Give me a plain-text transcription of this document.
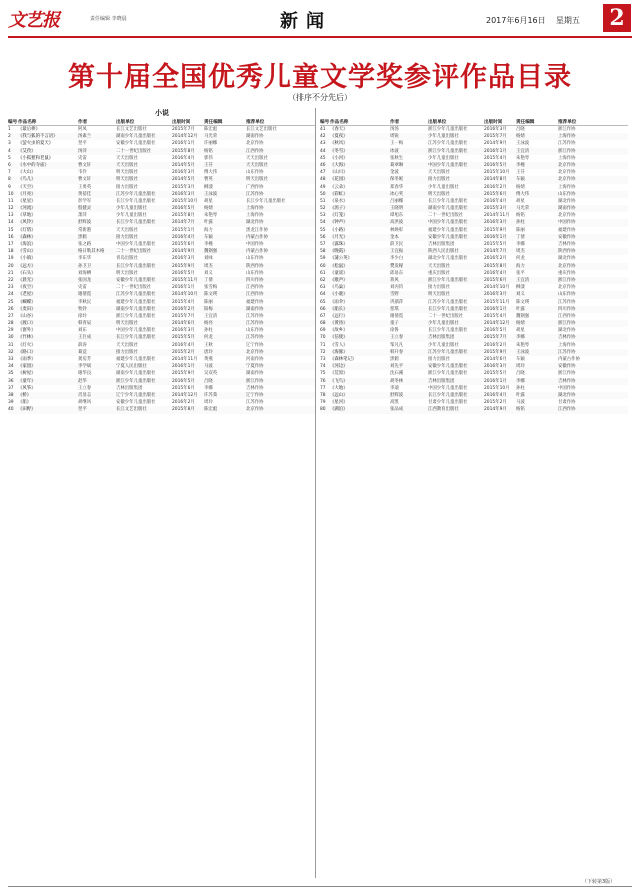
文艺报	责任编辑 李晓晨	新闻	2017年6月16日 星期五 2
第十届全国优秀儿童文学奖参评作品目录
（排序不分先后）
小说
编号 作品名称	作者	出版单位	出版时间	责任编辑	推荐单位
1	《最后棒》	阿凤	长江文艺出版社	2015年7月	陈宏彪	长江文艺出版社
2	《我与狐的不言语》	汤素兰	湖南少年儿童出版社	2014年12月	马光荣	湖南作协
3	《萤火虫的夏天》	翌平	安徽少年儿童出版社	2016年1月	许丽娜	北京作协
4	《艾孜》	汤萍	二十一世纪出版社	2015年8月	杨铭	江西作协
5	《小狐狸和老鼠》	史雷	天天出版社	2016年4月	郭伟	天天出版社
6	《水中的寺庙》	曹文轩	天天出版社	2014年5月	王芬	天天出版社
7	《大山》	韦伶	明天出版社	2016年3月	傅大伟	山东作协
8	《鸟儿》	曹文轩	明天出版社	2014年5月	曹英	明天出版社
9	《天空》	王勇英	接力出版社	2015年3月	柳漾	广西作协
10	《月亮》	黄蓓佳	江苏少年儿童出版社	2016年3月	王泳波	江苏作协
11	《星星》	彭学军	长江少年儿童出版社	2015年10月	胡星	长江少年儿童出版社
12	《河流》	殷健灵	少年儿童出版社	2016年5月	杨婧	上海作协
13	《草地》	萧萍	少年儿童出版社	2015年8月	朱艳琴	上海作协
14	《风铃》	舒辉波	长江少年儿童出版社	2014年7月	叶露	湖北作协
15	《灯塔》	常新港	天天出版社	2015年1月	海力	黑龙江作协
16	《森林》	黑鹤	接力出版社	2016年4月	车颖	内蒙古作协
17	《海浪》	张之路	中国少年儿童出版社	2015年6月	李橦	中国作协
18	《雪山》	格日勒其木格	二十一世纪出版社	2014年9月	魏钢强	内蒙古作协
19	《小镇》	李东华	青岛出版社	2016年3月	刘咏	山东作协
20	《远方》	孙卫卫	长江少年儿童出版社	2015年9月	周杰	陕西作协
21	《石头》	刘海栖	明天出版社	2016年5月	刘义	山东作协
22	《晨光》	张国龙	安徽少年儿童出版社	2015年11月	丁倩	四川作协
23	《夜空》	史雷	二十一世纪出版社	2016年1月	张雪梅	江西作协
24	《老屋》	谢倩霓	江苏少年儿童出版社	2014年10月	陈文瑛	江西作协
25	《蝴蝶》	李秋沅	福建少年儿童出版社	2015年4月	陈丽	福建作协
26	《麦田》	牧铃	湖南少年儿童出版社	2016年2月	阳梅	湖南作协
27	《山谷》	徐玲	浙江少年儿童出版社	2015年7月	王宜清	江苏作协
28	《渡口》	韩青辰	明天出版社	2014年6月	杨亮	江苏作协
29	《窗外》	刘东	中国少年儿童出版社	2016年3月	孙柱	山东作协
30	《竹林》	王巨成	长江少年儿童出版社	2015年5月	何龙	江苏作协
31	《灯火》	薛涛	天天出版社	2016年4月	王秋	辽宁作协
32	《路口》	葛竞	接力出版社	2015年2月	唐玲	北京作协
33	《雨季》	龚房芳	福建少年儿童出版社	2014年11月	黄燕	河南作协
34	《家园》	李学斌	宁夏人民出版社	2016年1月	马波	宁夏作协
35	《树屋》	谢华良	湖南少年儿童出版社	2015年9月	吴双英	湖南作协
36	《童年》	赵华	浙江少年儿童出版社	2016年5月	吕晓	浙江作协
37	《风筝》	王立春	吉林出版集团	2015年6月	李娜	吉林作协
38	《桥》	肖显志	辽宁少年儿童出版社	2014年12月	许苏葵	辽宁作协
39	《船》	胡继风	安徽少年儿童出版社	2016年2月	周玲	江苏作协
40	《田野》	翌平	长江文艺出版社	2015年8月	陈宏彪	北京作协

编号 作品名称	作者	出版单位	出版时间	责任编辑	推荐单位
41	《春天》	汤汤	浙江少年儿童出版社	2016年3月	吕晓	浙江作协
42	《夏夜》	周锐	少年儿童出版社	2015年7月	杨婧	上海作协
43	《秋风》	王一梅	江苏少年儿童出版社	2014年9月	王泳波	江苏作协
44	《冬雪》	冰波	浙江少年儿童出版社	2016年1月	王宜清	浙江作协
45	《小河》	张秋生	少年儿童出版社	2015年4月	朱艳琴	上海作协
46	《大海》	葛翠琳	中国少年儿童出版社	2016年5月	李橦	北京作协
47	《山川》	金波	天天出版社	2015年10月	王芬	北京作协
48	《花园》	保冬妮	接力出版社	2014年8月	车颖	北京作协
49	《云朵》	郑春华	少年儿童出版社	2016年2月	杨婧	上海作协
50	《彩虹》	冰心奖	明天出版社	2015年6月	傅大伟	山东作协
51	《泉水》	吕丽娜	长江少年儿童出版社	2016年4月	胡星	湖北作协
52	《鸽子》	王晓明	湖南少年儿童出版社	2015年3月	马光荣	湖南作协
53	《灯笼》	谭旭东	二十一世纪出版社	2014年11月	杨铭	北京作协
54	《钟声》	高洪波	中国少年儿童出版社	2016年3月	孙柱	中国作协
55	《小路》	林焕彰	福建少年儿童出版社	2015年9月	陈丽	福建作协
56	《月光》	金本	安徽少年儿童出版社	2016年1月	丁倩	安徽作协
57	《露珠》	薛卫民	吉林出版集团	2015年5月	李娜	吉林作协
58	《晚霞》	王宜振	陕西人民出版社	2014年7月	周杰	陕西作协
59	《蒲公英》	李少白	湖北少年儿童出版社	2016年2月	何龙	湖北作协
60	《松鼠》	樊发稼	天天出版社	2015年8月	海力	北京作协
61	《童谣》	邱易东	重庆出版社	2016年4月	张平	重庆作协
62	《歌声》	蒋风	浙江少年儿童出版社	2015年6月	王宜清	浙江作协
63	《鸟巢》	刘丙钧	接力出版社	2014年10月	柳漾	北京作协
64	《小鹿》	雪野	明天出版社	2016年3月	刘义	山东作协
65	《雨伞》	巩孺萍	江苏少年儿童出版社	2015年11月	陈文瑛	江苏作协
66	《船长》	慈琪	长江少年儿童出版社	2016年1月	叶露	四川作协
67	《远行》	谢倩霓	二十一世纪出版社	2015年4月	魏钢强	江西作协
68	《黄昏》	童子	少年儿童出版社	2014年12月	杨婧	浙江作协
69	《故乡》	徐鲁	长江少年儿童出版社	2016年5月	胡星	湖北作协
70	《信使》	王立春	吉林出版集团	2015年7月	李娜	吉林作协
71	《雪人》	邹凡凡	少年儿童出版社	2016年2月	朱艳琴	上海作协
72	《海豚》	韩开春	江苏少年儿童出版社	2015年9月	王泳波	江苏作协
73	《森林笔记》	黑鹤	接力出版社	2014年6月	车颖	内蒙古作协
74	《河边》	刘先平	安徽少年儿童出版社	2016年3月	周玲	安徽作协
75	《荒原》	沈石溪	浙江少年儿童出版社	2015年5月	吕晓	浙江作协
76	《飞鸟》	胡冬林	吉林出版集团	2016年1月	李娜	吉林作协
77	《大地》	李迪	中国少年儿童出版社	2015年10月	孙柱	中国作协
78	《远山》	舒辉波	长江少年儿童出版社	2016年4月	叶露	湖北作协
79	《星河》	高凯	甘肃少年儿童出版社	2015年2月	马波	甘肃作协
80	《湖泊》	张品成	江西教育出版社	2014年9月	杨铭	江西作协
（下转第3版）
